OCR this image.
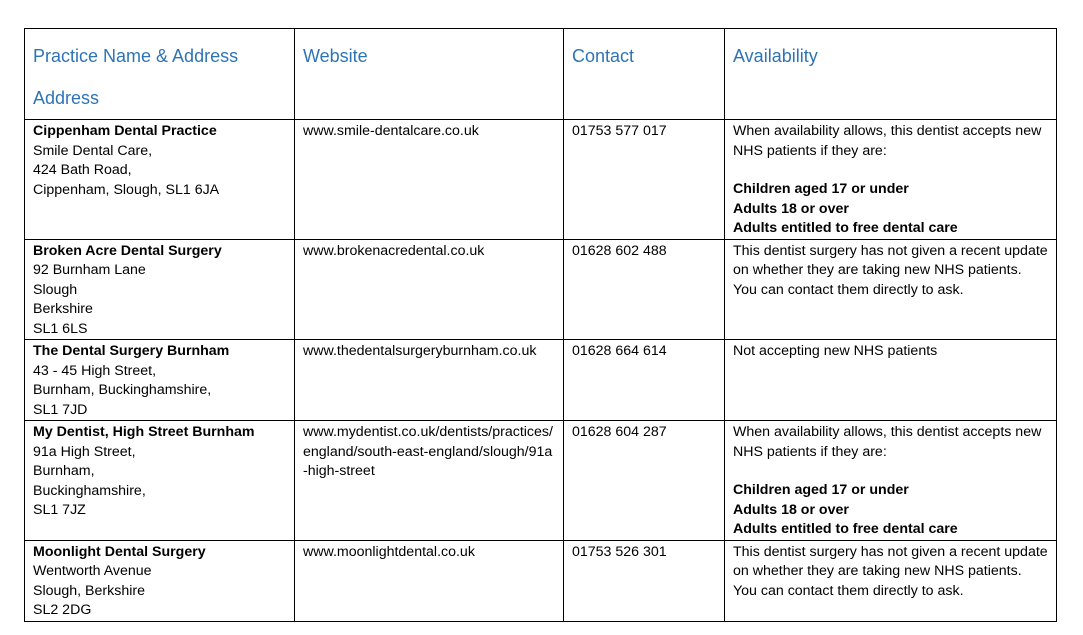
Practice Name & Address
Address	Website	Contact	Availability

Cippenham Dental Practice
Smile Dental Care,
424 Bath Road,
Cippenham, Slough, SL1 6JA	www.smile-dentalcare.co.uk	01753 577 017	When availability allows, this dentist accepts new NHS patients if they are:
Children aged 17 or under
Adults 18 or over
Adults entitled to free dental care

Broken Acre Dental Surgery
92 Burnham Lane
Slough
Berkshire
SL1 6LS	www.brokenacredental.co.uk	01628 602 488	This dentist surgery has not given a recent update on whether they are taking new NHS patients. You can contact them directly to ask.

The Dental Surgery Burnham
43 - 45 High Street,
Burnham, Buckinghamshire,
SL1 7JD	www.thedentalsurgeryburnham.co.uk	01628 664 614	Not accepting new NHS patients

My Dentist, High Street Burnham
91a High Street,
Burnham,
Buckinghamshire,
SL1 7JZ	www.mydentist.co.uk/dentists/practices/england/south-east-england/slough/91a-high-street	01628 604 287	When availability allows, this dentist accepts new NHS patients if they are:
Children aged 17 or under
Adults 18 or over
Adults entitled to free dental care

Moonlight Dental Surgery
Wentworth Avenue
Slough, Berkshire
SL2 2DG	www.moonlightdental.co.uk	01753 526 301	This dentist surgery has not given a recent update on whether they are taking new NHS patients. You can contact them directly to ask.
